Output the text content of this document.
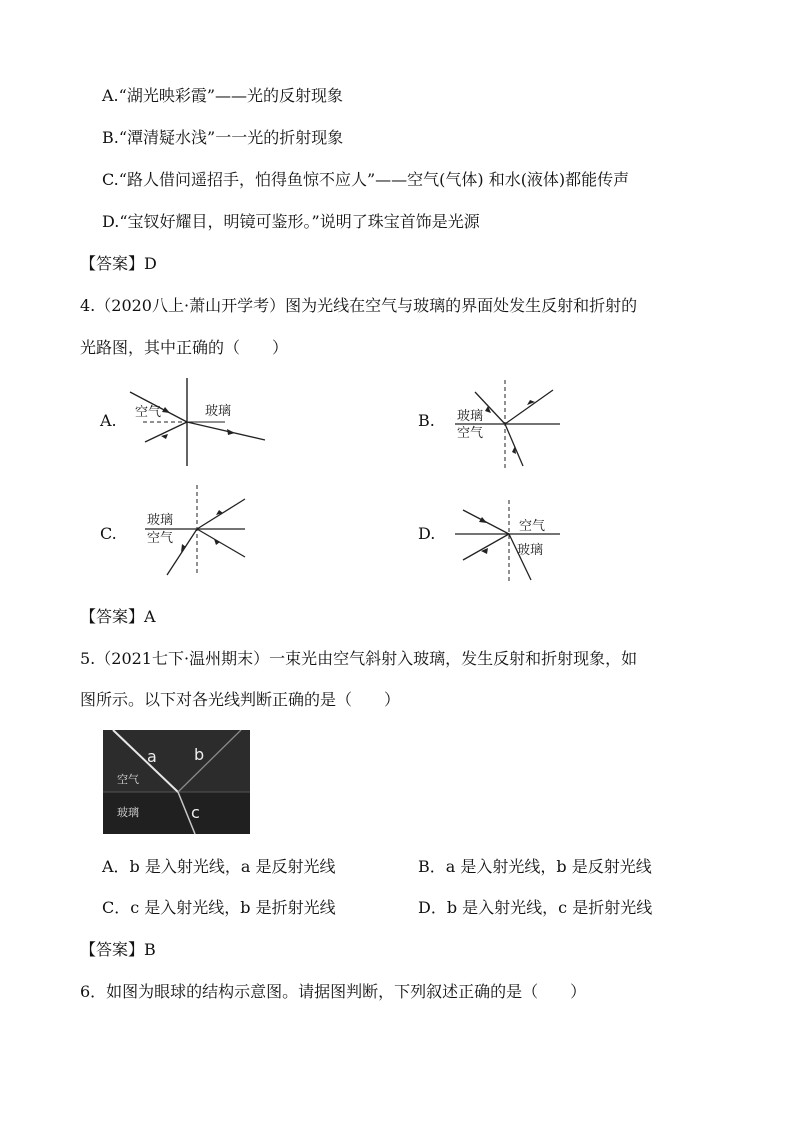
A.“湖光映彩霞”——光的反射现象
B.“潭清疑水浅”一一光的折射现象
C.“路人借问遥招手，怕得鱼惊不应人”——空气(气体) 和水(液体)都能传声
D.“宝钗好耀目，明镜可鉴形。”说明了珠宝首饰是光源
【答案】D
4.（2020八上·萧山开学考）图为光线在空气与玻璃的界面处发生反射和折射的
光路图，其中正确的（　　）
A. 空气	玻璃	B. 玻璃
空气
C.
玻璃
空气	D.	空气
玻璃
【答案】A
5.（2021七下·温州期末）一束光由空气斜射入玻璃，发生反射和折射现象，如
图所示。以下对各光线判断正确的是（　　）
a b
c
空气
玻璃
A．b 是入射光线，a 是反射光线	B．a 是入射光线，b 是反射光线
C．c 是入射光线，b 是折射光线	D．b 是入射光线，c 是折射光线
【答案】B
6．如图为眼球的结构示意图。请据图判断，下列叙述正确的是（　　）
